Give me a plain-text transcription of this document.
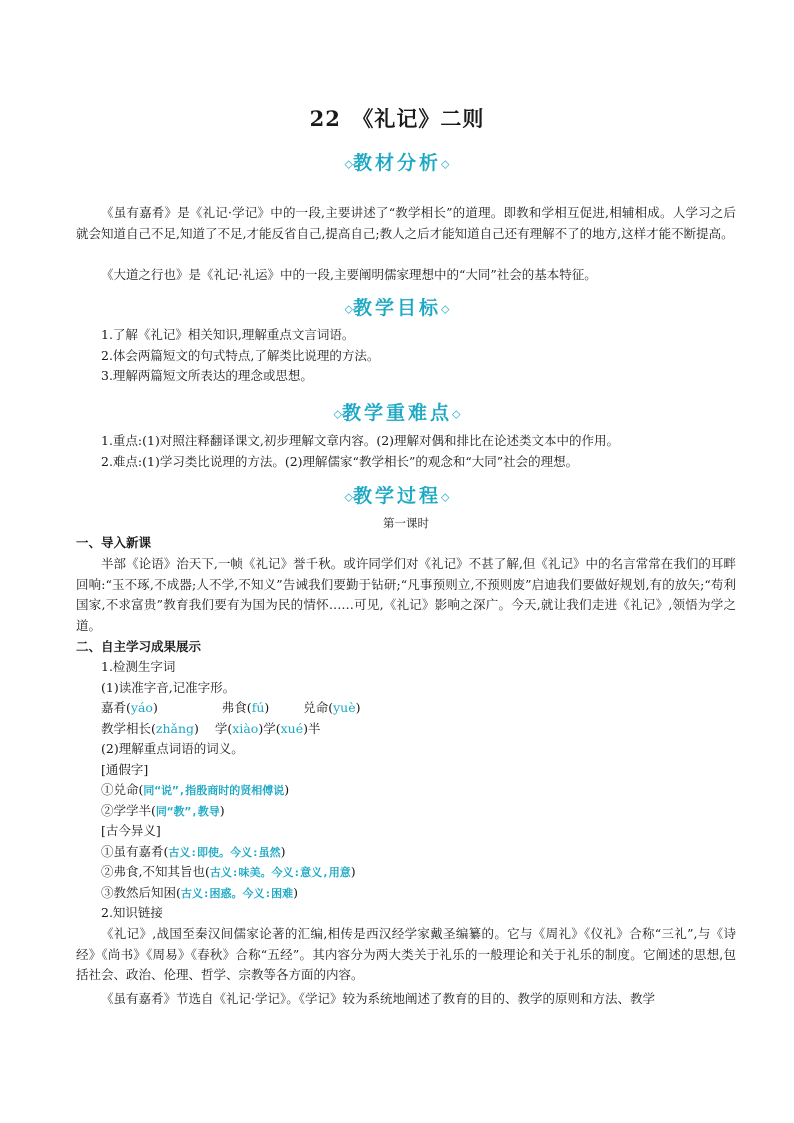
22　《礼记》二则
◇教材分析◇
《虽有嘉肴》是《礼记·学记》中的一段,主要讲述了“教学相长”的道理。即教和学相互促进,相辅相成。人学习之后就会知道自己不足,知道了不足,才能反省自己,提高自己;教人之后才能知道自己还有理解不了的地方,这样才能不断提高。
《大道之行也》是《礼记·礼运》中的一段,主要阐明儒家理想中的“大同”社会的基本特征。
◇教学目标◇
1.了解《礼记》相关知识,理解重点文言词语。
2.体会两篇短文的句式特点,了解类比说理的方法。
3.理解两篇短文所表达的理念或思想。
◇教学重难点◇
1.重点:(1)对照注释翻译课文,初步理解文章内容。(2)理解对偶和排比在论述类文本中的作用。
2.难点:(1)学习类比说理的方法。(2)理解儒家“教学相长”的观念和“大同”社会的理想。
◇教学过程◇
第一课时
一、导入新课
半部《论语》治天下,一帧《礼记》誉千秋。或许同学们对《礼记》不甚了解,但《礼记》中的名言常常在我们的耳畔回响:“玉不琢,不成器;人不学,不知义”告诫我们要勤于钻研;“凡事预则立,不预则废”启迪我们要做好规划,有的放矢;“苟利国家,不求富贵”教育我们要有为国为民的情怀……可见,《礼记》影响之深广。今天,就让我们走进《礼记》,领悟为学之道。
二、自主学习成果展示
1.检测生字词
(1)读准字音,记准字形。
嘉肴(yáo)	弗食(fú)	兑命(yuè)
教学相长(zhǎng) 学(xiào)学(xué)半
(2)理解重点词语的词义。
[通假字]
①兑命(同“说”,指殷商时的贤相傅说)
②学学半(同“教”,教导)
[古今异义]
①虽有嘉肴(古义:即使。今义:虽然)
②弗食,不知其旨也(古义:味美。今义:意义,用意)
③教然后知困(古义:困惑。今义:困难)
2.知识链接
《礼记》,战国至秦汉间儒家论著的汇编,相传是西汉经学家戴圣编纂的。它与《周礼》《仪礼》合称“三礼”,与《诗经》《尚书》《周易》《春秋》合称“五经”。其内容分为两大类关于礼乐的一般理论和关于礼乐的制度。它阐述的思想,包括社会、政治、伦理、哲学、宗教等各方面的内容。
《虽有嘉肴》节选自《礼记·学记》。《学记》较为系统地阐述了教育的目的、教学的原则和方法、教学
